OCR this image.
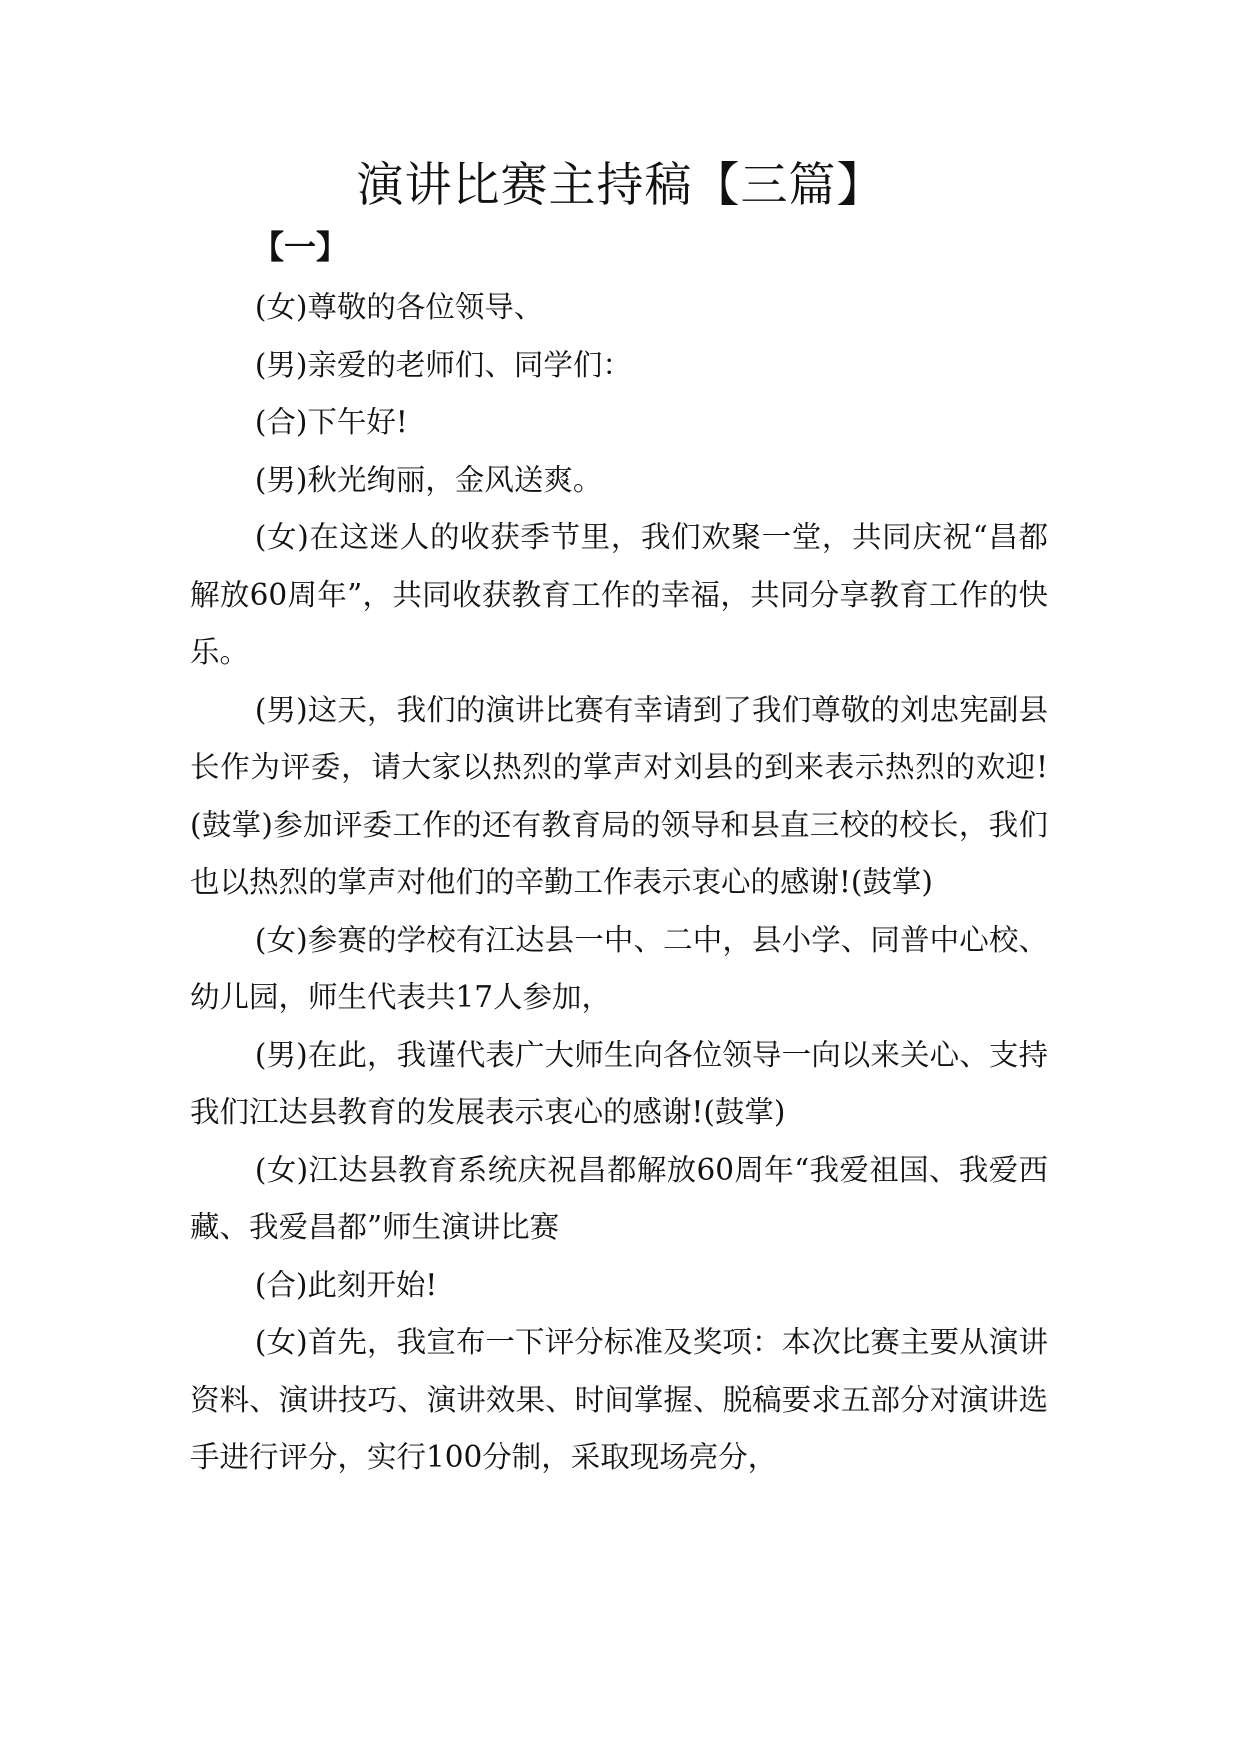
演讲比赛主持稿【三篇】
【一】

(女)尊敬的各位领导、

(男)亲爱的老师们、同学们：

(合)下午好!

(男)秋光绚丽，金风送爽。

(女)在这迷人的收获季节里，我们欢聚一堂，共同庆祝“昌都解放60周年”，共同收获教育工作的幸福，共同分享教育工作的快乐。

(男)这天，我们的演讲比赛有幸请到了我们尊敬的刘忠宪副县长作为评委，请大家以热烈的掌声对刘县的到来表示热烈的欢迎!(鼓掌)参加评委工作的还有教育局的领导和县直三校的校长，我们也以热烈的掌声对他们的辛勤工作表示衷心的感谢!(鼓掌)

(女)参赛的学校有江达县一中、二中，县小学、同普中心校、幼儿园，师生代表共17人参加，

(男)在此，我谨代表广大师生向各位领导一向以来关心、支持我们江达县教育的发展表示衷心的感谢!(鼓掌)

(女)江达县教育系统庆祝昌都解放60周年“我爱祖国、我爱西藏、我爱昌都”师生演讲比赛

(合)此刻开始!

(女)首先，我宣布一下评分标准及奖项：本次比赛主要从演讲资料、演讲技巧、演讲效果、时间掌握、脱稿要求五部分对演讲选手进行评分，实行100分制，采取现场亮分，
